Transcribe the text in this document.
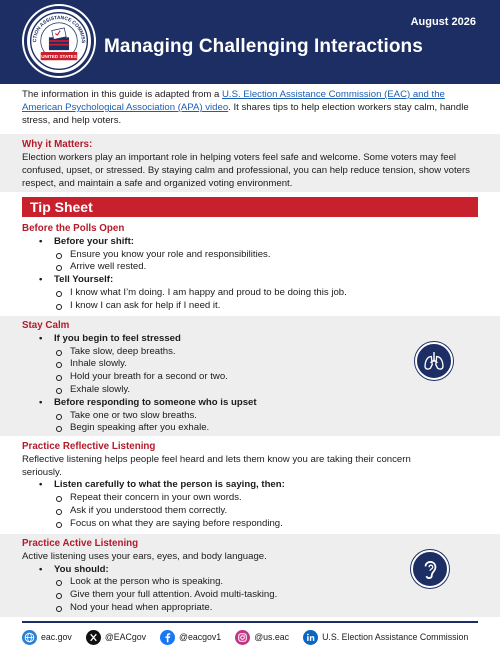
CTION ASSISTANCE COMMISS
UNITED STATES
August 2026
Managing Challenging Interactions
The information in this guide is adapted from a U.S. Election Assistance Commission (EAC) and the American Psychological Association (APA) video. It shares tips to help election workers stay calm, handle stress, and help voters.
Why it Matters:
Election workers play an important role in helping voters feel safe and welcome. Some voters may feel confused, upset, or stressed. By staying calm and professional, you can help reduce tension, show voters respect, and maintain a safe and organized voting environment.
Tip Sheet
Before the Polls Open
• Before your shift:
Ensure you know your role and responsibilities.
Arrive well rested.
• Tell Yourself:
I know what I’m doing. I am happy and proud to be doing this job.
I know I can ask for help if I need it.
Stay Calm
• If you begin to feel stressed
Take slow, deep breaths.
Inhale slowly.
Hold your breath for a second or two.
Exhale slowly.
• Before responding to someone who is upset
Take one or two slow breaths.
Begin speaking after you exhale.
Practice Reflective Listening
Reflective listening helps people feel heard and lets them know you are taking their concern seriously.
• Listen carefully to what the person is saying, then:
Repeat their concern in your own words.
Ask if you understood them correctly.
Focus on what they are saying before responding.
Practice Active Listening
Active listening uses your ears, eyes, and body language.
• You should:
Look at the person who is speaking.
Give them your full attention. Avoid multi-tasking.
Nod your head when appropriate.
eac.gov	@EACgov	@eacgov1	@us.eac	U.S. Election Assistance Commission
